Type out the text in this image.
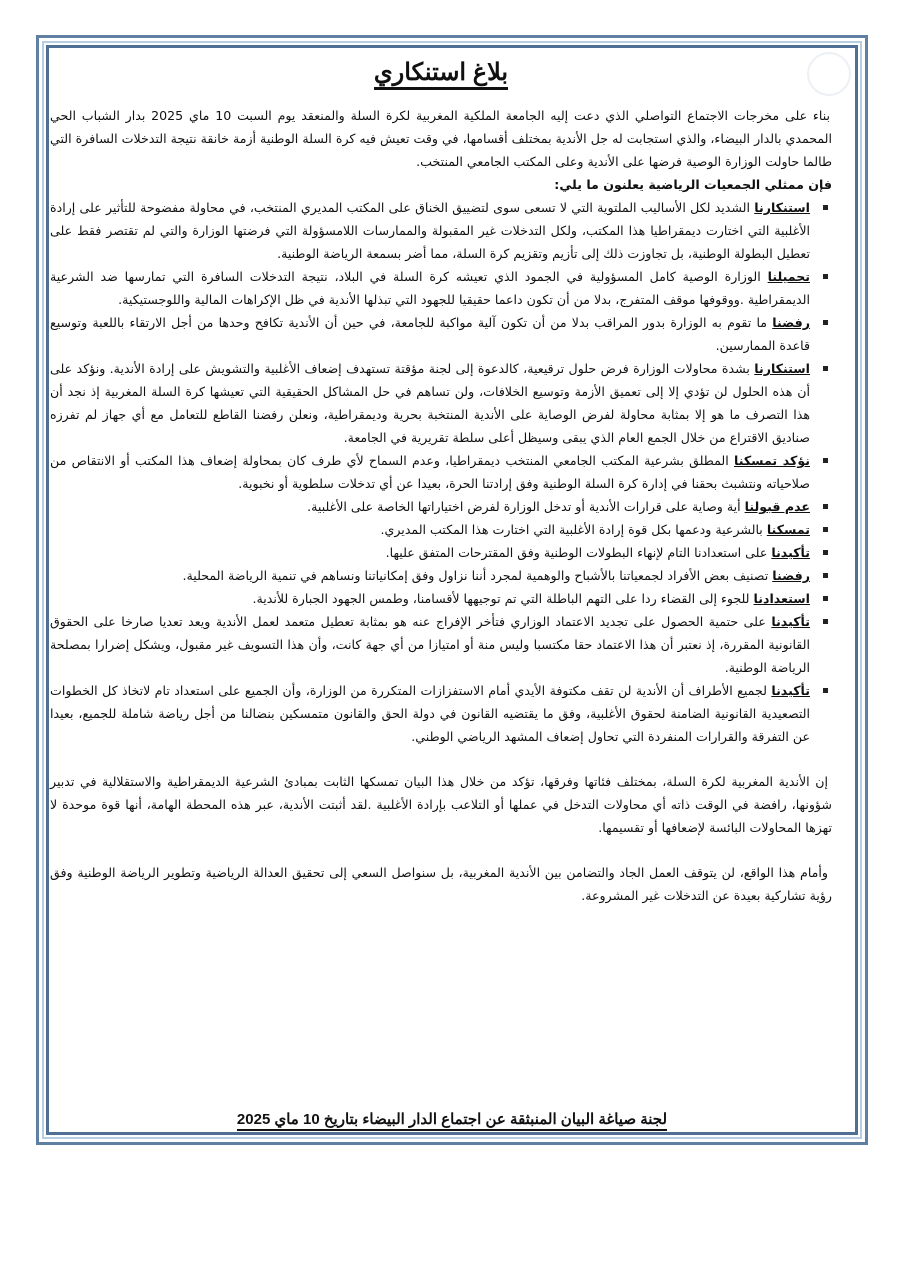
بلاغ استنكاري

بناء على مخرجات الاجتماع التواصلي الذي دعت إليه الجامعة الملكية المغربية لكرة السلة والمنعقد يوم السبت 10 ماي 2025 بدار الشباب الحي المحمدي بالدار البيضاء، والذي استجابت له جل الأندية بمختلف أقسامها، في وقت تعيش فيه كرة السلة الوطنية أزمة خانقة نتيجة التدخلات السافرة التي طالما حاولت الوزارة الوصية فرضها على الأندية وعلى المكتب الجامعي المنتخب.

فإن ممثلي الجمعيات الرياضية يعلنون ما يلي:

استنكارنا الشديد لكل الأساليب الملتوية التي لا تسعى سوى لتضييق الخناق على المكتب المديري المنتخب، في محاولة مفضوحة للتأثير على إرادة الأغلبية التي اختارت ديمقراطيا هذا المكتب، ولكل التدخلات غير المقبولة والممارسات اللامسؤولة التي فرضتها الوزارة والتي لم تقتصر فقط على تعطيل البطولة الوطنية، بل تجاوزت ذلك إلى تأزيم وتقزيم كرة السلة، مما أضر بسمعة الرياضة الوطنية.
تحميلنا الوزارة الوصية كامل المسؤولية في الجمود الذي تعيشه كرة السلة في البلاد، نتيجة التدخلات السافرة التي تمارسها ضد الشرعية الديمقراطية .ووقوفها موقف المتفرج، بدلا من أن تكون داعما حقيقيا للجهود التي تبذلها الأندية في ظل الإكراهات المالية واللوجستيكية.
رفضنا ما تقوم به الوزارة بدور المراقب بدلا من أن تكون آلية مواكبة للجامعة، في حين أن الأندية تكافح وحدها من أجل الارتقاء باللعبة وتوسيع قاعدة الممارسين.
استنكارنا بشدة محاولات الوزارة فرض حلول ترقيعية، كالدعوة إلى لجنة مؤقتة تستهدف إضعاف الأغلبية والتشويش على إرادة الأندية. ونؤكد على أن هذه الحلول لن تؤدي إلا إلى تعميق الأزمة وتوسيع الخلافات، ولن تساهم في حل المشاكل الحقيقية التي تعيشها كرة السلة المغربية إذ نجد أن هذا التصرف ما هو إلا بمثابة محاولة لفرض الوصاية على الأندية المنتخبة بحرية وديمقراطية، ونعلن رفضنا القاطع للتعامل مع أي جهاز لم تفرزه صناديق الاقتراع من خلال الجمع العام الذي يبقى وسيظل أعلى سلطة تقريرية في الجامعة.
نؤكد تمسكنا المطلق بشرعية المكتب الجامعي المنتخب ديمقراطيا، وعدم السماح لأي طرف كان بمحاولة إضعاف هذا المكتب أو الانتقاص من صلاحياته ونتشبث بحقنا في إدارة كرة السلة الوطنية وفق إرادتنا الحرة، بعيدا عن أي تدخلات سلطوية أو نخبوية.
عدم قبولنا أية وصاية على قرارات الأندية أو تدخل الوزارة لفرض اختياراتها الخاصة على الأغلبية.
تمسكنا بالشرعية ودعمها بكل قوة إرادة الأغلبية التي اختارت هذا المكتب المديري.
تأكيدنا على استعدادنا التام لإنهاء البطولات الوطنية وفق المقترحات المتفق عليها.
رفضنا تصنيف بعض الأفراد لجمعياتنا بالأشباح والوهمية لمجرد أننا نزاول وفق إمكانياتنا ونساهم في تنمية الرياضة المحلية.
استعدادنا للجوء إلى القضاء ردا على التهم الباطلة التي تم توجيهها لأقسامنا، وطمس الجهود الجبارة للأندية.
تأكيدنا على حتمية الحصول على تجديد الاعتماد الوزاري فتأخر الإفراج عنه هو بمثابة تعطيل متعمد لعمل الأندية ويعد تعديا صارخا على الحقوق القانونية المقررة، إذ نعتبر أن هذا الاعتماد حقا مكتسبا وليس منة أو امتيازا من أي جهة كانت، وأن هذا التسويف غير مقبول، ويشكل إضرارا بمصلحة الرياضة الوطنية.
تأكيدنا لجميع الأطراف أن الأندية لن تقف مكتوفة الأيدي أمام الاستفزازات المتكررة من الوزارة، وأن الجميع على استعداد تام لاتخاذ كل الخطوات التصعيدية القانونية الضامنة لحقوق الأغلبية، وفق ما يقتضيه القانون في دولة الحق والقانون متمسكين بنضالنا من أجل رياضة شاملة للجميع، بعيدا عن التفرقة والقرارات المنفردة التي تحاول إضعاف المشهد الرياضي الوطني.

إن الأندية المغربية لكرة السلة، بمختلف فئاتها وفرقها، تؤكد من خلال هذا البيان تمسكها الثابت بمبادئ الشرعية الديمقراطية والاستقلالية في تدبير شؤونها، رافضة في الوقت ذاته أي محاولات التدخل في عملها أو التلاعب بإرادة الأغلبية .لقد أثبتت الأندية، عبر هذه المحطة الهامة، أنها قوة موحدة لا تهزها المحاولات البائسة لإضعافها أو تقسيمها.

وأمام هذا الواقع، لن يتوقف العمل الجاد والتضامن بين الأندية المغربية، بل سنواصل السعي إلى تحقيق العدالة الرياضية وتطوير الرياضة الوطنية وفق رؤية تشاركية بعيدة عن التدخلات غير المشروعة.

لجنة صياغة البيان المنبثقة عن اجتماع الدار البيضاء بتاريخ 10 ماي 2025
